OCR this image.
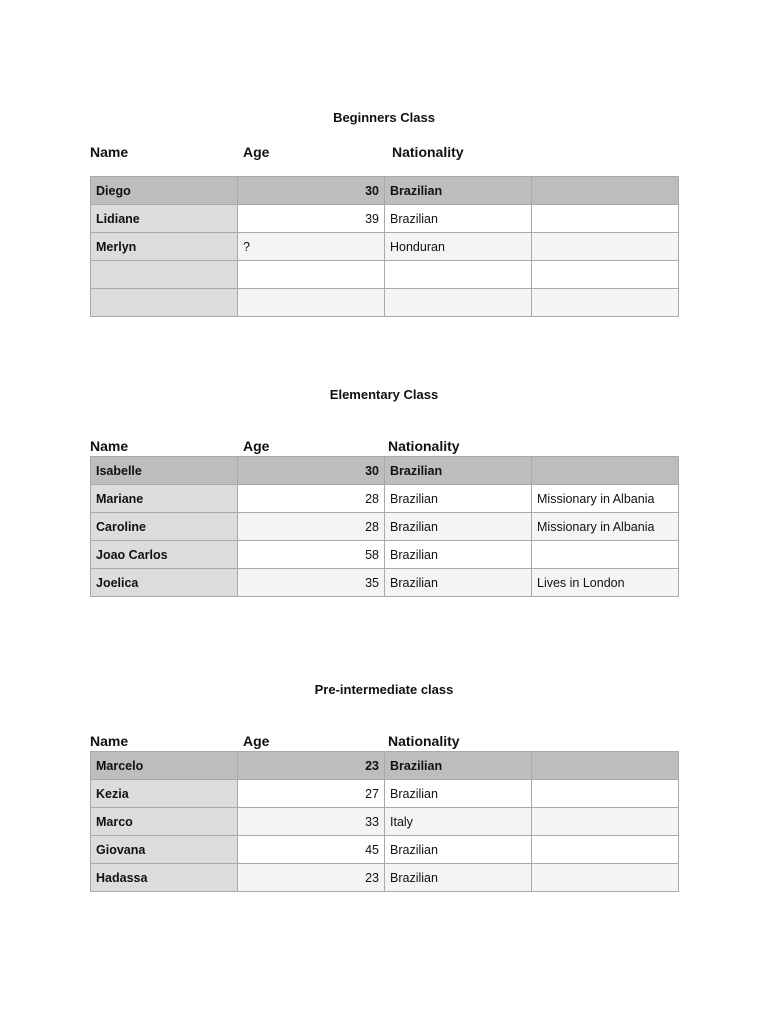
Beginners Class
Name	Age	Nationality
Diego	30	Brazilian	
Lidiane	39	Brazilian	
Merlyn	?	Honduran	

Elementary Class
Name	Age	Nationality
Isabelle	30	Brazilian	
Mariane	28	Brazilian	Missionary in Albania
Caroline	28	Brazilian	Missionary in Albania
Joao Carlos	58	Brazilian	
Joelica	35	Brazilian	Lives in London
Pre-intermediate class
Name	Age	Nationality
Marcelo	23	Brazilian	
Kezia	27	Brazilian	
Marco	33	Italy	
Giovana	45	Brazilian	
Hadassa	23	Brazilian	
